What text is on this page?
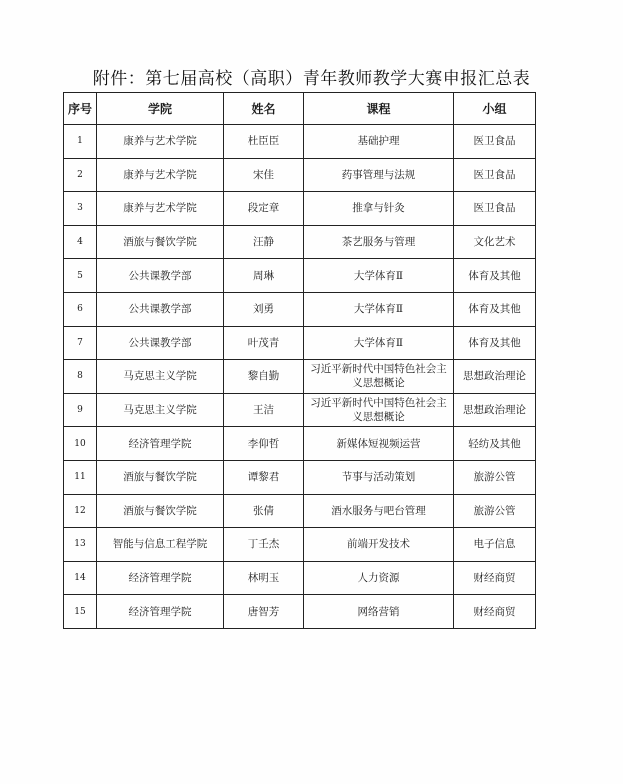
附件：第七届高校（高职）青年教师教学大赛申报汇总表
序号	学院	姓名	课程	小组
1	康养与艺术学院	杜臣臣	基础护理	医卫食品
2	康养与艺术学院	宋佳	药事管理与法规	医卫食品
3	康养与艺术学院	段定章	推拿与针灸	医卫食品
4	酒旅与餐饮学院	汪静	茶艺服务与管理	文化艺术
5	公共课教学部	周琳	大学体育Ⅱ	体育及其他
6	公共课教学部	刘勇	大学体育Ⅱ	体育及其他
7	公共课教学部	叶茂青	大学体育Ⅱ	体育及其他
8	马克思主义学院	黎自勤	习近平新时代中国特色社会主义思想概论	思想政治理论
9	马克思主义学院	王洁	习近平新时代中国特色社会主义思想概论	思想政治理论
10	经济管理学院	李仰哲	新媒体短视频运营	轻纺及其他
11	酒旅与餐饮学院	谭黎君	节事与活动策划	旅游公管
12	酒旅与餐饮学院	张倩	酒水服务与吧台管理	旅游公管
13	智能与信息工程学院	丁壬杰	前端开发技术	电子信息
14	经济管理学院	林明玉	人力资源	财经商贸
15	经济管理学院	唐智芳	网络营销	财经商贸
